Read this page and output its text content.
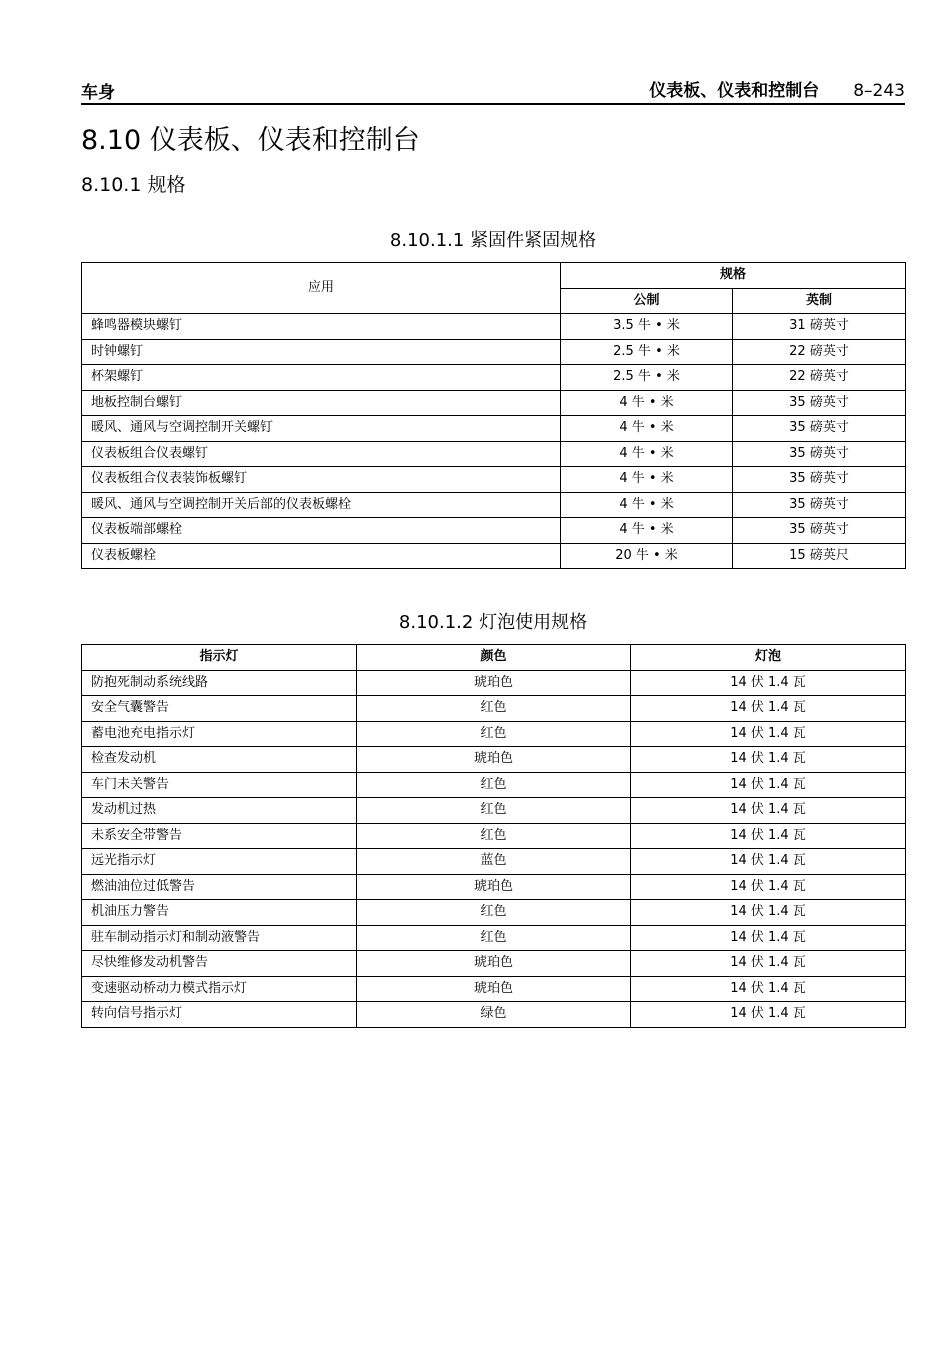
车身	仪表板、仪表和控制台 8–243
8.10 仪表板、仪表和控制台
8.10.1 规格
8.10.1.1 紧固件紧固规格
应用	规格	
	公制	英制
蜂鸣器模块螺钉	3.5 牛 • 米	31 磅英寸
时钟螺钉	2.5 牛 • 米	22 磅英寸
杯架螺钉	2.5 牛 • 米	22 磅英寸
地板控制台螺钉	4 牛 • 米	35 磅英寸
暖风、通风与空调控制开关螺钉	4 牛 • 米	35 磅英寸
仪表板组合仪表螺钉	4 牛 • 米	35 磅英寸
仪表板组合仪表装饰板螺钉	4 牛 • 米	35 磅英寸
暖风、通风与空调控制开关后部的仪表板螺栓	4 牛 • 米	35 磅英寸
仪表板端部螺栓	4 牛 • 米	35 磅英寸
仪表板螺栓	20 牛 • 米	15 磅英尺
8.10.1.2 灯泡使用规格
指示灯	颜色	灯泡
防抱死制动系统线路	琥珀色	14 伏 1.4 瓦
安全气囊警告	红色	14 伏 1.4 瓦
蓄电池充电指示灯	红色	14 伏 1.4 瓦
检查发动机	琥珀色	14 伏 1.4 瓦
车门未关警告	红色	14 伏 1.4 瓦
发动机过热	红色	14 伏 1.4 瓦
未系安全带警告	红色	14 伏 1.4 瓦
远光指示灯	蓝色	14 伏 1.4 瓦
燃油油位过低警告	琥珀色	14 伏 1.4 瓦
机油压力警告	红色	14 伏 1.4 瓦
驻车制动指示灯和制动液警告	红色	14 伏 1.4 瓦
尽快维修发动机警告	琥珀色	14 伏 1.4 瓦
变速驱动桥动力模式指示灯	琥珀色	14 伏 1.4 瓦
转向信号指示灯	绿色	14 伏 1.4 瓦
